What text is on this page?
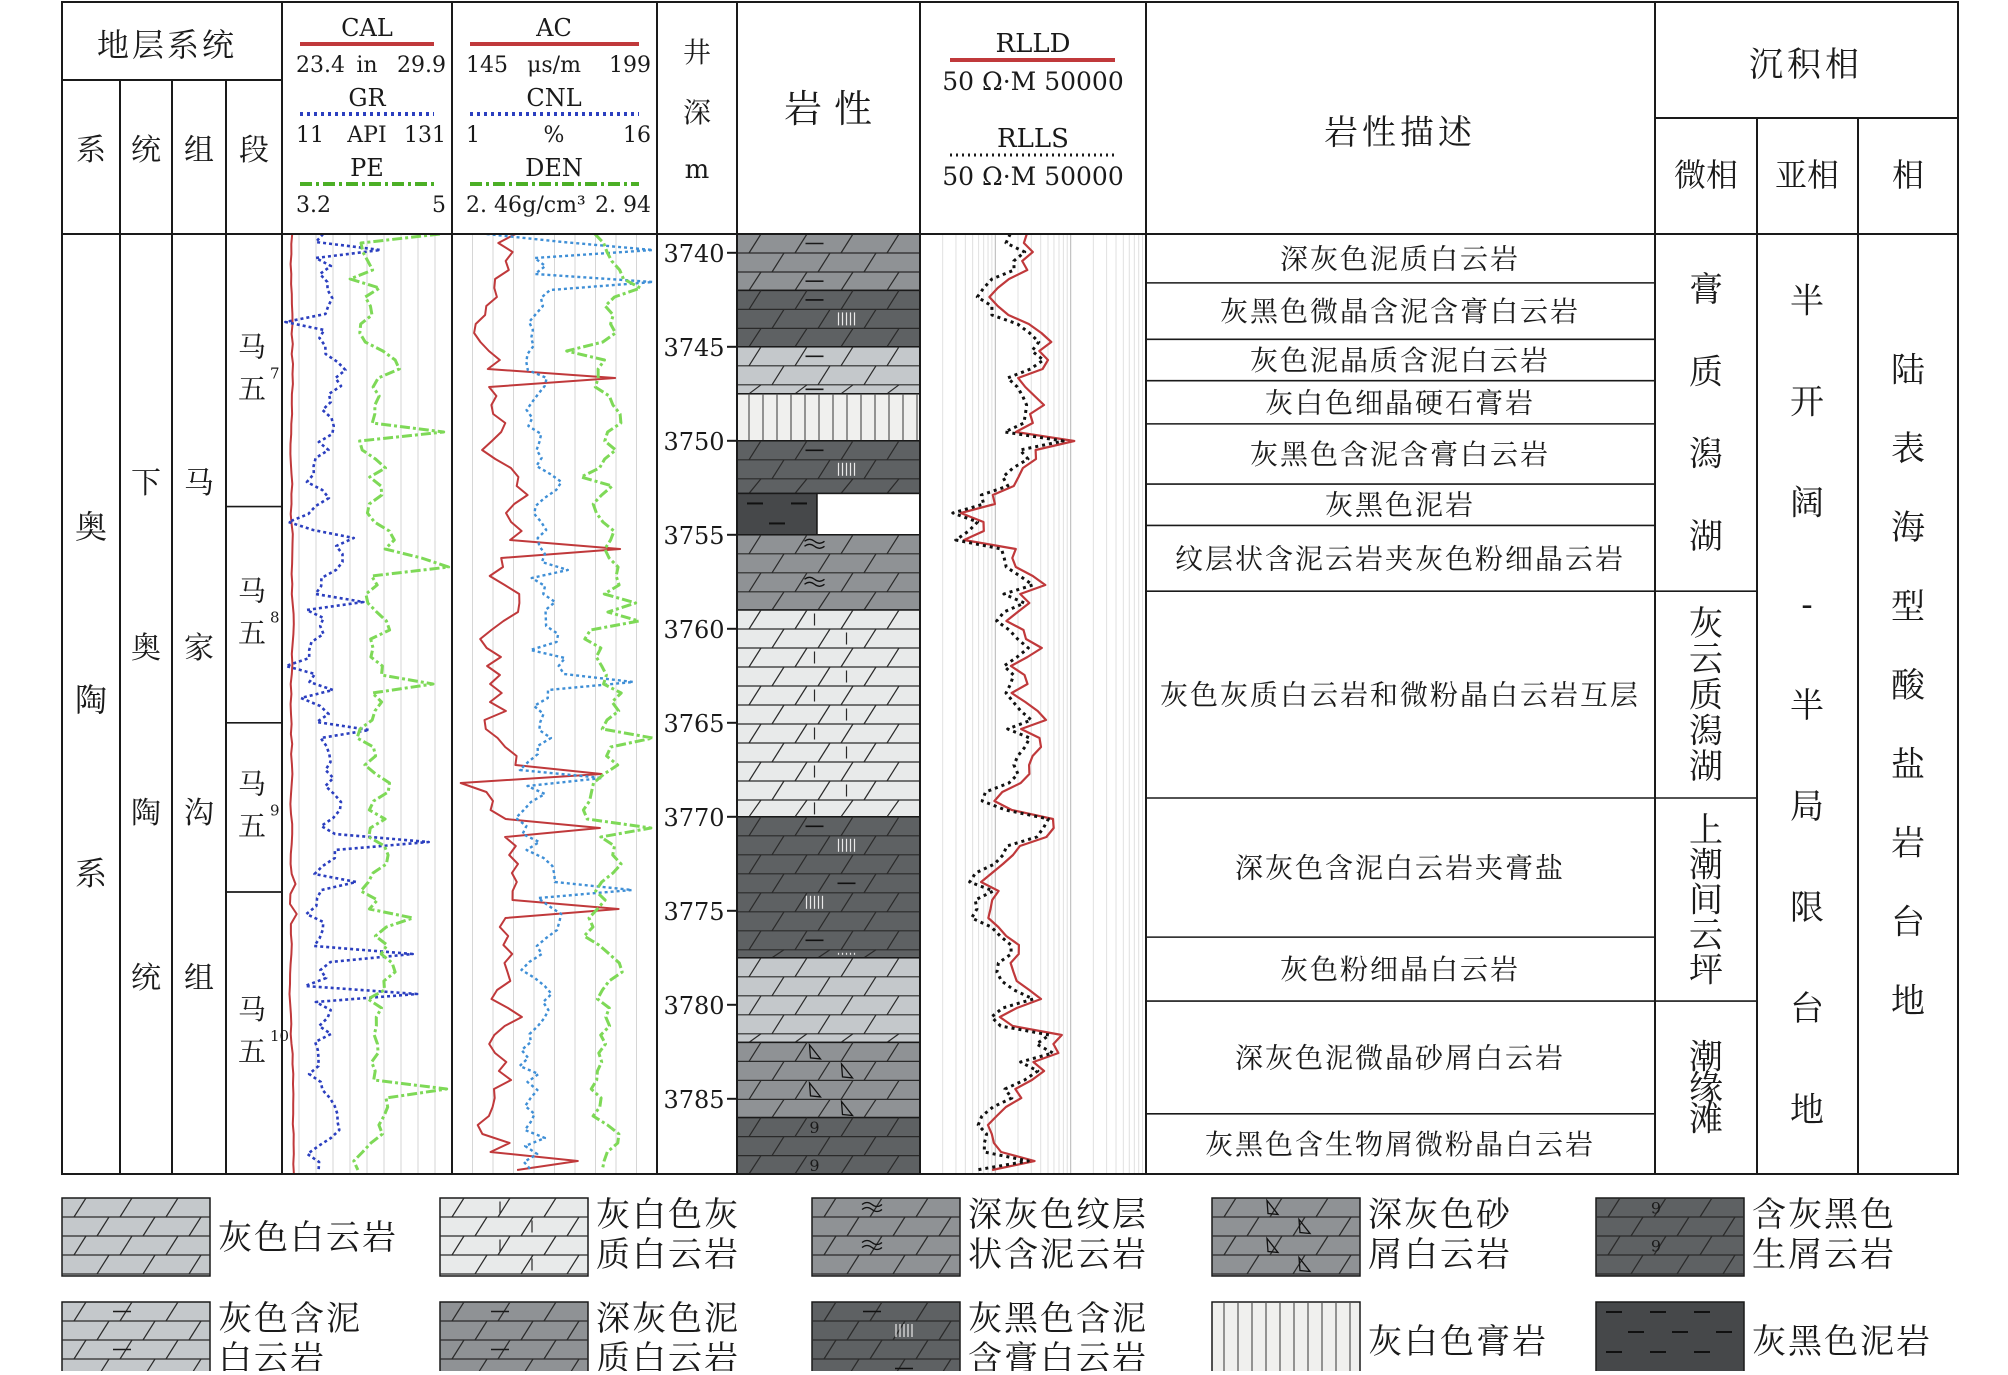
9
9
地层系统
系 统 组 段
CAL
23.4 in 29.9
GR
11 API 131
PE
3.2	5
AC
145 μs/m 199
CNL
1	%	16
DEN
2. 46 g/cm³ 2. 94
井
深
m
岩 性
RLLD
50 Ω·M 50000
RLLS
50 Ω·M 50000
岩性描述
沉积相
微相 亚相 相
奥
陶
系
下
奥
陶
统
马
家
沟
组
马
五 7
马
五 8
马
五 9
马
五 10
3740
3745
3750
3755
3760
3765
3770
3775
3780
3785
深灰色泥质白云岩
灰黑色微晶含泥含膏白云岩
灰色泥晶质含泥白云岩
灰白色细晶硬石膏岩
灰黑色含泥含膏白云岩
灰黑色泥岩
纹层状含泥云岩夹灰色粉细晶云岩
灰色灰质白云岩和微粉晶白云岩互层
深灰色含泥白云岩夹膏盐
灰色粉细晶白云岩
深灰色泥微晶砂屑白云岩
灰黑色含生物屑微粉晶白云岩
膏
质
潟
湖
灰
云
质
潟
湖
上
潮
间
云
坪
潮
缘
滩
半
开
阔
-
半
局
限
台
地
陆
表
海
型
酸
盐
岩
台
地
灰色白云岩
灰白色灰
质白云岩
深灰色纹层
状含泥云岩
深灰色砂
屑白云岩
9
9
含灰黑色
生屑云岩
灰色含泥
白云岩
深灰色泥
质白云岩
灰黑色含泥
含膏白云岩	灰白色膏岩	灰黑色泥岩
